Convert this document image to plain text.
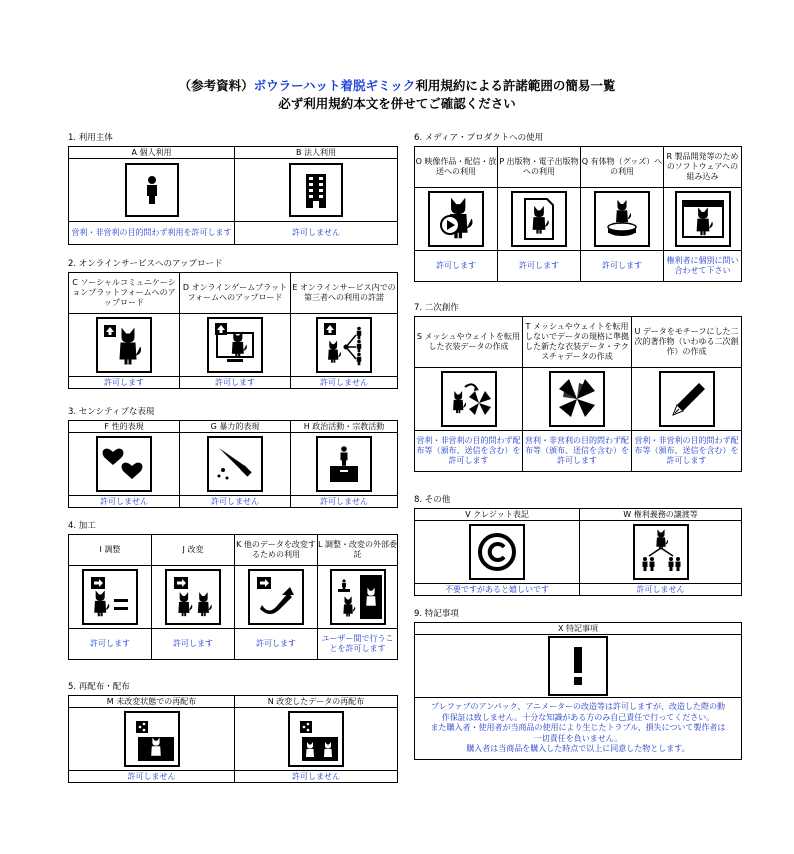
（参考資料）ボウラーハット着脱ギミック利用規約による許諾範囲の簡易一覧
必ず利用規約本文を併せてご確認ください
1. 利用主体
A 個人利用	B 法人利用

営利・非営利の目的問わず利用を許可します	許可しません
2. オンラインサービスへのアップロード
C ソーシャルコミュニケーションプラットフォームへのアップロード	D オンラインゲームプラットフォームへのアップロード	E オンラインサービス内での第三者への利用の許諾

許可します	許可します	許可しません
3. センシティブな表現
F 性的表現	G 暴力的表現	H 政治活動・宗教活動

許可しません	許可しません	許可しません
4. 加工
I 調整	J 改変	K 他のデータを改変するための利用	L 調整・改変の外部委託

許可します	許可します	許可します	ユーザー間で行うことを許可します
5. 再配布・配布
M 未改変状態での再配布	N 改変したデータの再配布

許可しません	許可しません
6. メディア・プロダクトへの使用
O 映像作品・配信・放送への利用	P 出版物・電子出版物への利用	Q 有体物（グッズ）への利用	R 製品開発等のためのソフトウェアへの組み込み

許可します	許可します	許可します	権利者に個別に問い合わせて下さい
7. 二次創作
S メッシュやウェイトを転用した衣装データの作成	T メッシュやウェイトを転用しないでデータの規格に準拠した新たな衣装データ・テクスチャデータの作成	U データをモチーフにした二次的著作物（いわゆる二次創作）の作成

営利・非営利の目的問わず配布等（頒布、送信を含む）を許可します	営利・非営利の目的問わず配布等（頒布、送信を含む）を許可します	営利・非営利の目的問わず配布等（頒布、送信を含む）を許可します
8. その他
V クレジット表記	W 権利義務の譲渡等

不要ですがあると嬉しいです	許可しません
9. 特記事項
X 特記事項

プレファブのアンパック、アニメーターの改造等は許可しますが、改造した際の動
作保証は致しません。十分な知識がある方のみ自己責任で行ってください。
また購入者・使用者が当商品の使用により生じたトラブル、損失について製作者は
一切責任を負いません。
購入者は当商品を購入した時点で以上に同意した物とします。
